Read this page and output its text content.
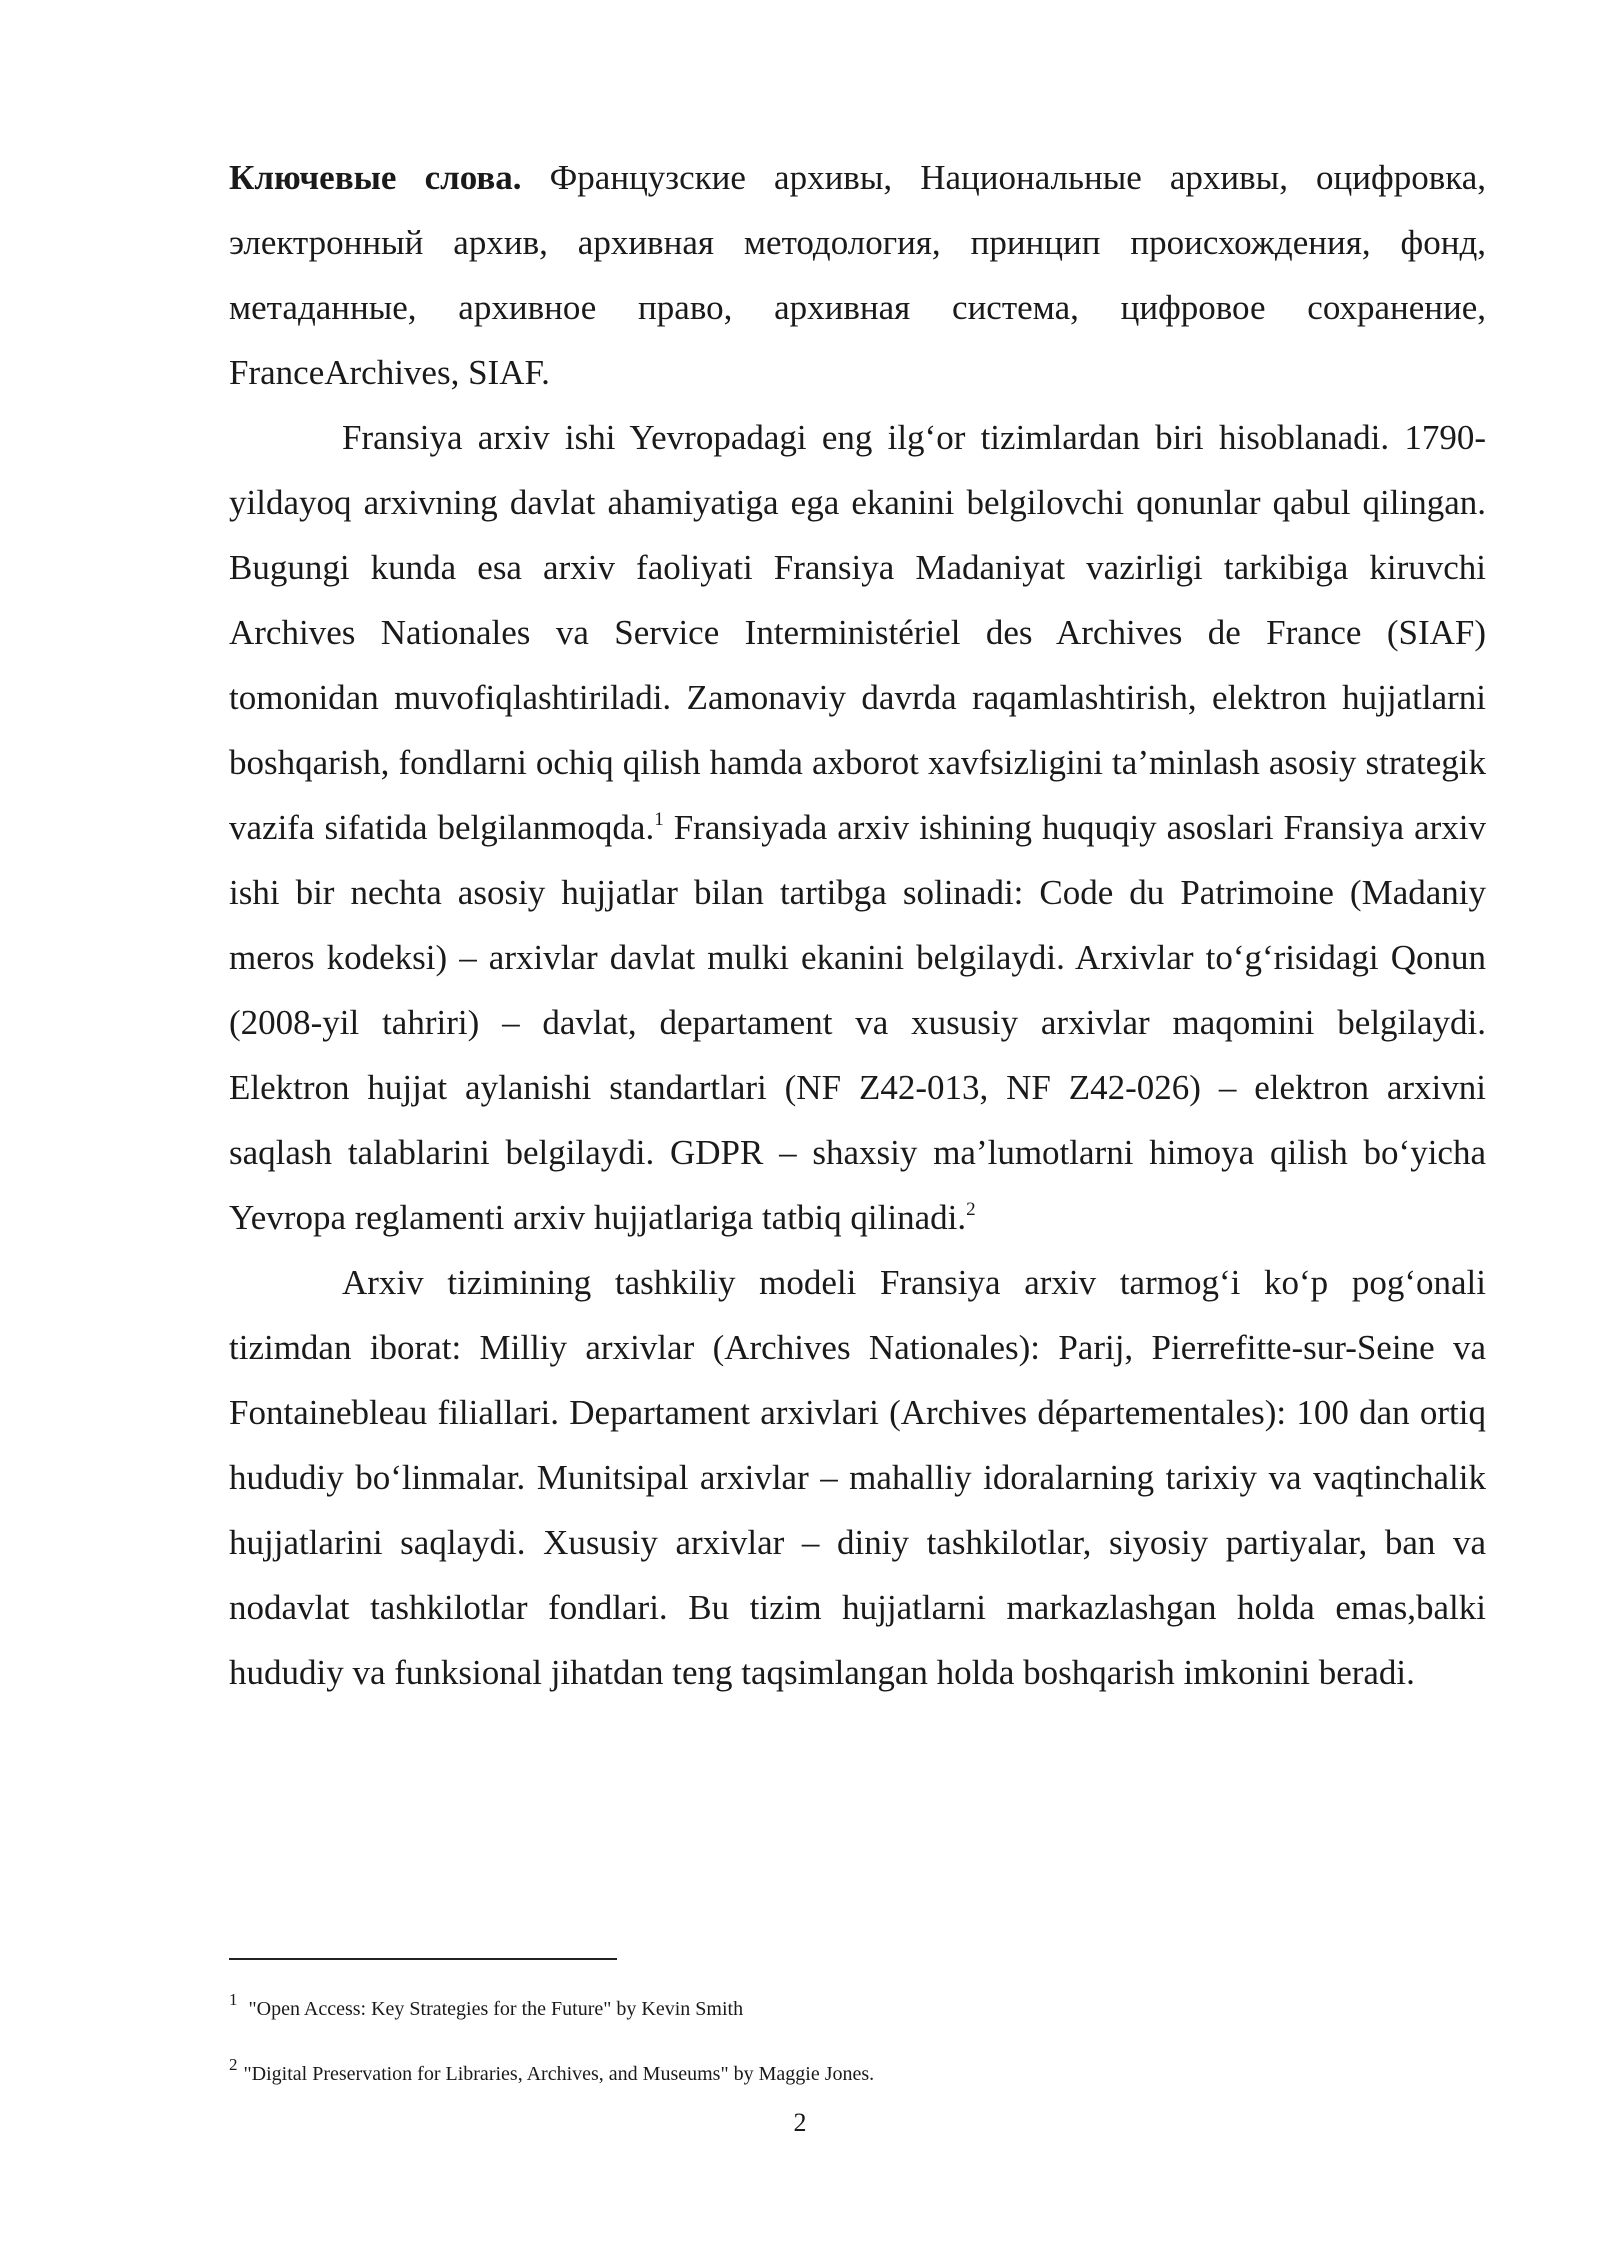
Ключевые слова. Французские архивы, Национальные архивы, оцифровка, электронный архив, архивная методология, принцип происхождения, фонд, метаданные, архивное право, архивная система, цифровое сохранение, FranceArchives, SIAF.

Fransiya arxiv ishi Yevropadagi eng ilg‘or tizimlardan biri hisoblanadi. 1790-yildayoq arxivning davlat ahamiyatiga ega ekanini belgilovchi qonunlar qabul qilingan. Bugungi kunda esa arxiv faoliyati Fransiya Madaniyat vazirligi tarkibiga kiruvchi Archives Nationales va Service Interministériel des Archives de France (SIAF) tomonidan muvofiqlashtiriladi. Zamonaviy davrda raqamlashtirish, elektron hujjatlarni boshqarish, fondlarni ochiq qilish hamda axborot xavfsizligini ta’minlash asosiy strategik vazifa sifatida belgilanmoqda.$^1$ Fransiyada arxiv ishining huquqiy asoslari Fransiya arxiv ishi bir nechta asosiy hujjatlar bilan tartibga solinadi: Code du Patrimoine (Madaniy meros kodeksi) – arxivlar davlat mulki ekanini belgilaydi. Arxivlar to‘g‘risidagi Qonun (2008-yil tahriri) – davlat, departament va xususiy arxivlar maqomini belgilaydi. Elektron hujjat aylanishi standartlari (NF Z42-013, NF Z42-026) – elektron arxivni saqlash talablarini belgilaydi. GDPR – shaxsiy ma’lumotlarni himoya qilish bo‘yicha Yevropa reglamenti arxiv hujjatlariga tatbiq qilinadi.$^2$

Arxiv tizimining tashkiliy modeli Fransiya arxiv tarmog‘i ko‘p pog‘onali tizimdan iborat: Milliy arxivlar (Archives Nationales): Parij, Pierrefitte-sur-Seine va Fontainebleau filiallari. Departament arxivlari (Archives départementales): 100 dan ortiq hududiy bo‘linmalar. Munitsipal arxivlar – mahalliy idoralarning tarixiy va vaqtinchalik hujjatlarini saqlaydi. Xususiy arxivlar – diniy tashkilotlar, siyosiy partiyalar, ban va nodavlat tashkilotlar fondlari. Bu tizim hujjatlarni markazlashgan holda emas,balki hududiy va funksional jihatdan teng taqsimlangan holda boshqarish imkonini beradi.

$^1$ "Open Access: Key Strategies for the Future" by Kevin Smith

$^2$ "Digital Preservation for Libraries, Archives, and Museums" by Maggie Jones.

2
